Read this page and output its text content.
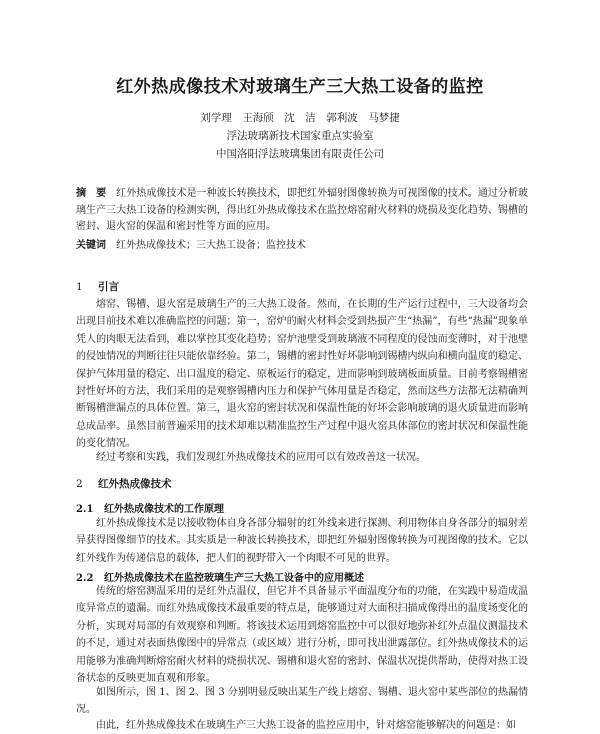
红外热成像技术对玻璃生产三大热工设备的监控
刘学理　王海颀　沈　洁　郭利波　马梦捷
浮法玻璃新技术国家重点实验室
中国洛阳浮法玻璃集团有限责任公司
摘　要 红外热成像技术是一种波长转换技术，即把红外辐射图像转换为可视图像的技术。通过分析玻璃生产三大热工设备的检测实例，得出红外热成像技术在监控熔窑耐火材料的烧损及变化趋势、锡槽的密封、退火窑的保温和密封性等方面的应用。
关键词 红外热成像技术；三大热工设备；监控技术
1 引言

熔窑、锡槽、退火窑是玻璃生产的三大热工设备。然而，在长期的生产运行过程中，三大设备均会出现目前技术难以准确监控的问题；第一，窑炉的耐火材料会受到热损产生“热漏”，有些“热漏”现象单凭人的肉眼无法看到，难以掌控其变化趋势；窑炉池壁受到玻璃液不同程度的侵蚀而变薄时，对于池壁的侵蚀情况的判断往往只能依靠经验。第二，锡槽的密封性好坏影响到锡槽内纵向和横向温度的稳定、保护气体用量的稳定、出口温度的稳定、原板运行的稳定，进而影响到玻璃板面质量。目前考察锡槽密封性好坏的方法，我们采用的是观察锡槽内压力和保护气体用量是否稳定，然而这些方法都无法精确判断锡槽泄漏点的具体位置。第三，退火窑的密封状况和保温性能的好坏会影响玻璃的退火质量进而影响总成品率。虽然目前普遍采用的技术却难以精准监控生产过程中退火窑具体部位的密封状况和保温性能的变化情况。

经过考察和实践，我们发现红外热成像技术的应用可以有效改善这一状况。

2 红外热成像技术
2.1 红外热成像技术的工作原理

红外热成像技术是以接收物体自身各部分辐射的红外线来进行探测、利用物体自身各部分的辐射差异获得图像细节的技术。其实质是一种波长转换技术，即把红外辐射图像转换为可视图像的技术。它以红外线作为传递信息的载体，把人们的视野带入一个肉眼不可见的世界。

2.2 红外热成像技术在监控玻璃生产三大热工设备中的应用概述

传统的熔窑测温采用的是红外点温仪，但它并不具备显示平面温度分布的功能，在实践中易造成温度异常点的遗漏。而红外热成像技术最重要的特点是，能够通过对大面积扫描成像得出的温度场变化的分析，实现对局部的有效观察和判断。将该技术运用到熔窑监控中可以很好地弥补红外点温仪测温技术的不足，通过对表面热像图中的异常点（或区域）进行分析，即可找出泄露部位。红外热成像技术的运用能够为准确判断熔窑耐火材料的烧损状况、锡槽和退火窑的密封、保温状况提供帮助，使得对热工设备状态的反映更加直观和形象。

如图所示，图 1、图 2、图 3 分别明显反映出某生产线上熔窑、锡槽、退火窑中某些部位的热漏情况。

由此，红外热成像技术在玻璃生产三大热工设备的监控应用中，针对熔窑能够解决的问题是：如
